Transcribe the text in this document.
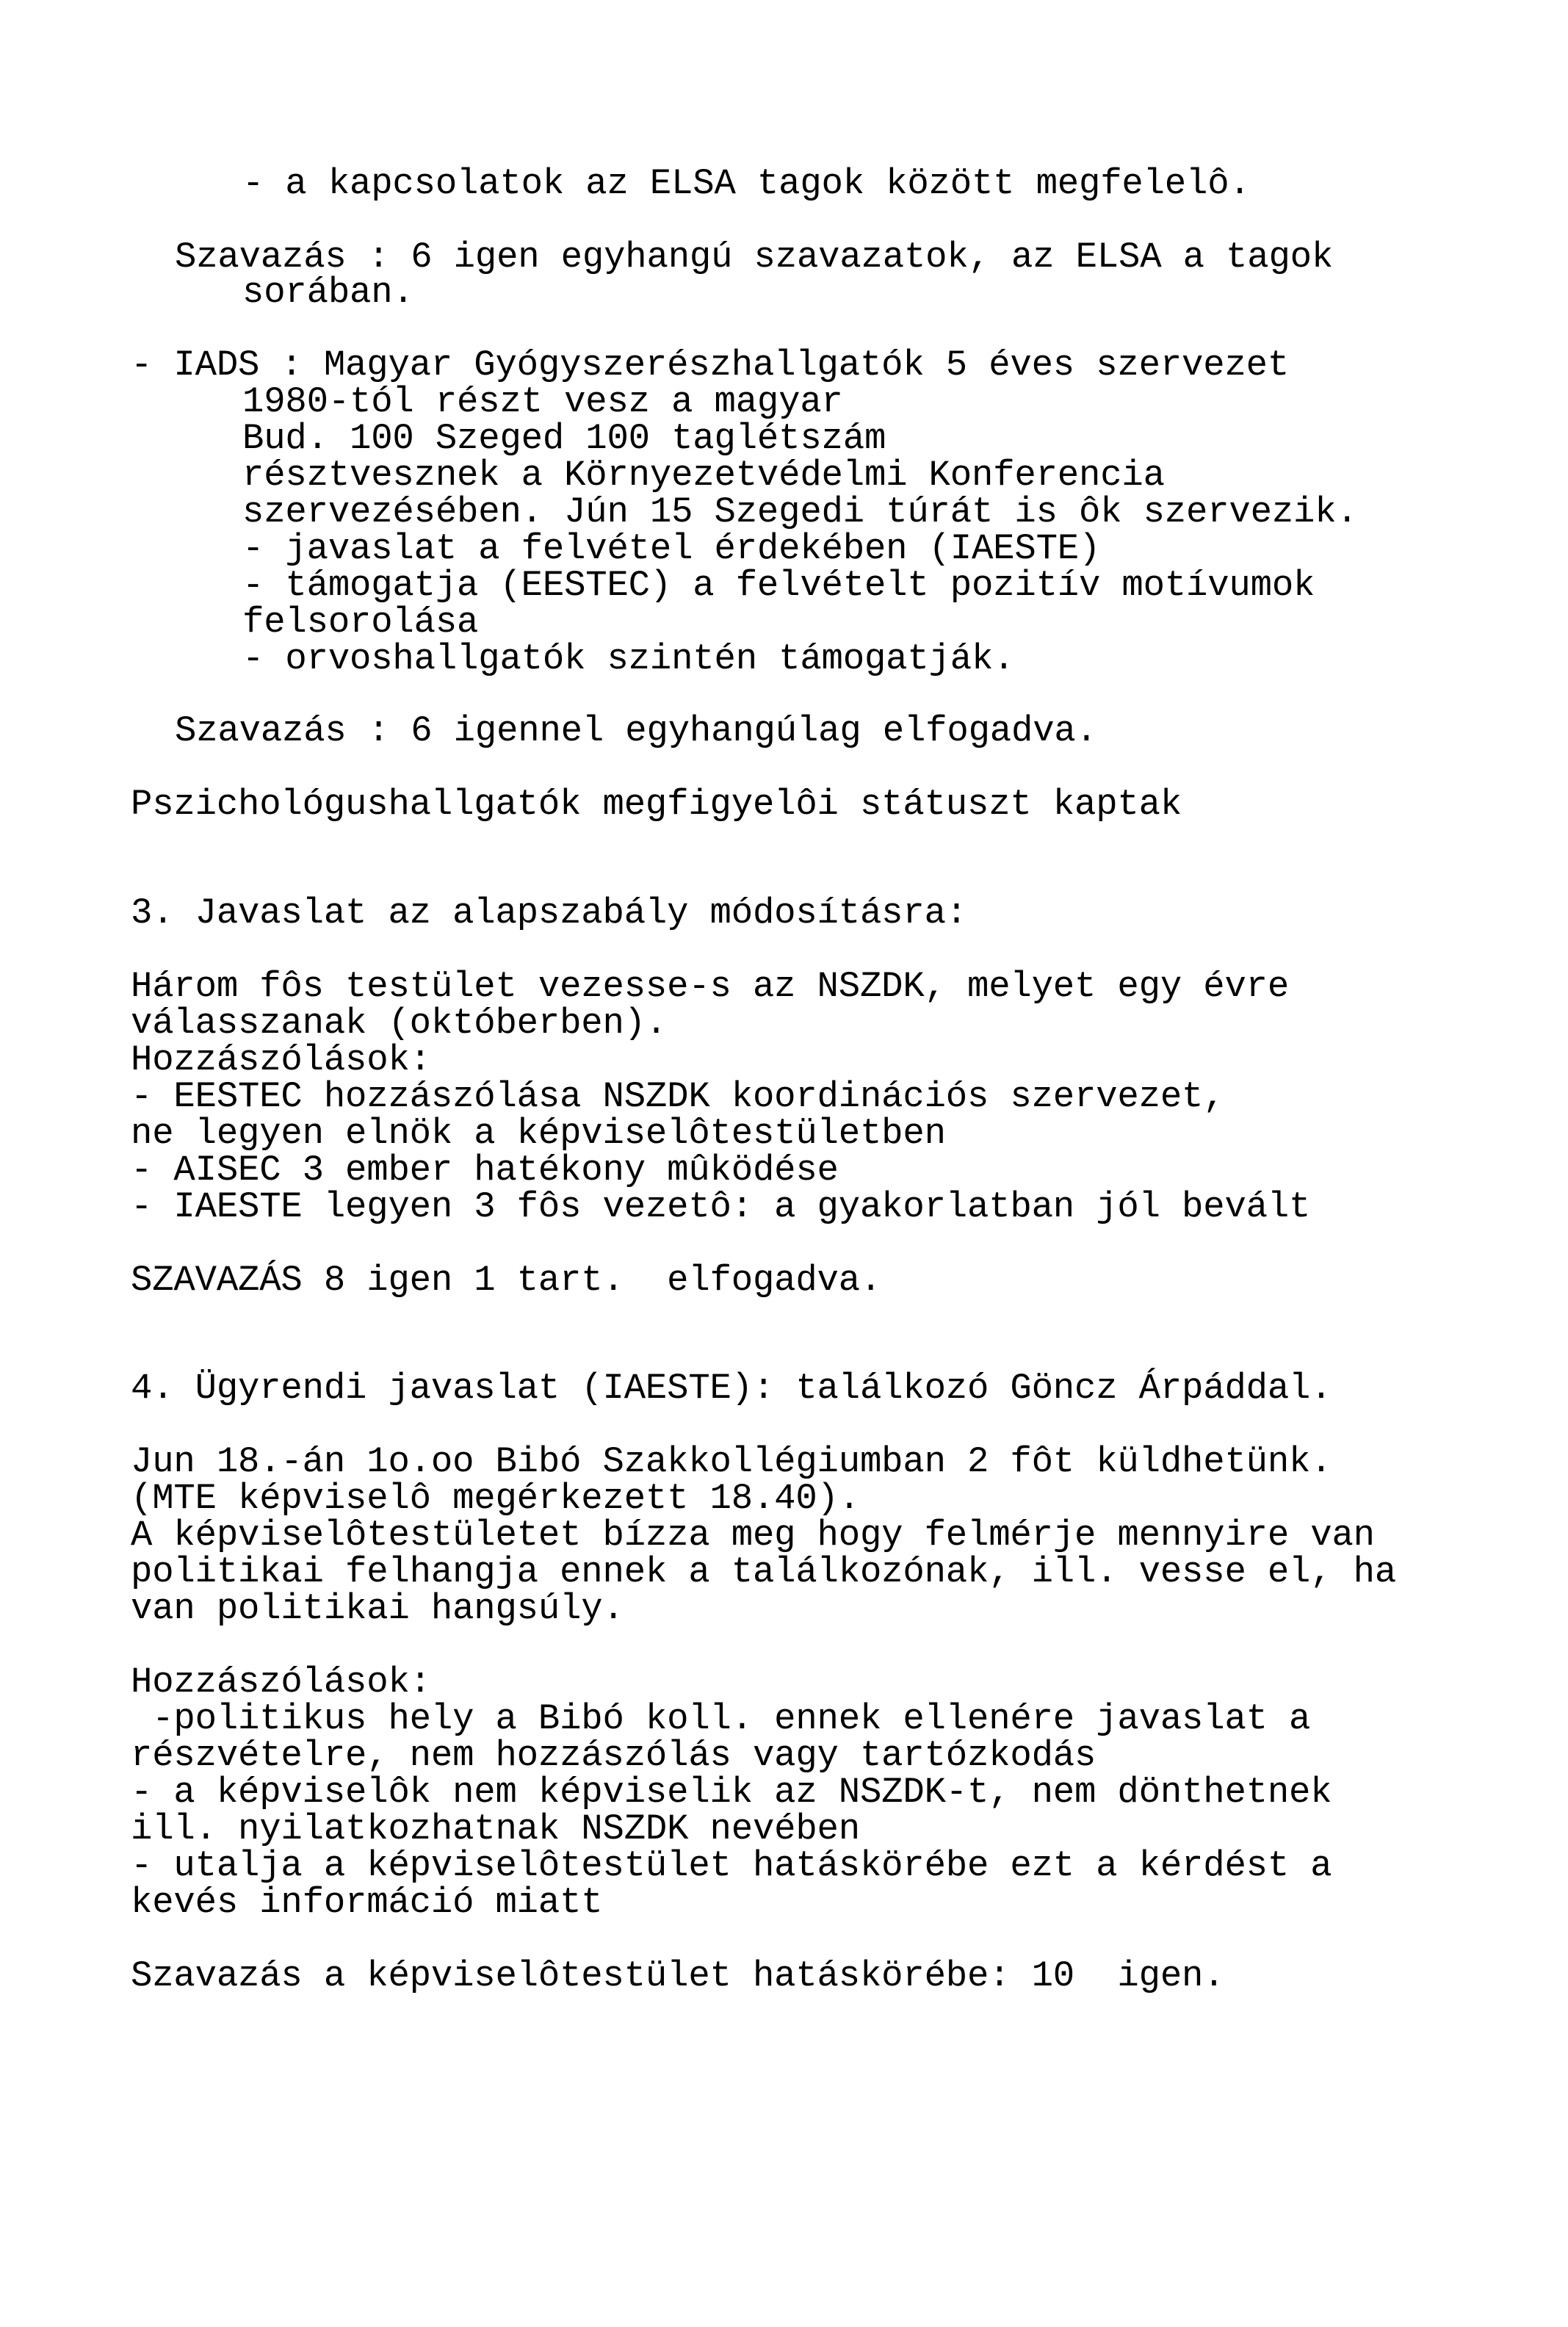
- a kapcsolatok az ELSA tagok között megfelelô.

Szavazás : 6 igen egyhangú szavazatok, az ELSA a tagok

sorában.

- IADS : Magyar Gyógyszerészhallgatók 5 éves szervezet

1980-tól részt vesz a magyar

Bud. 100 Szeged 100 taglétszám

résztvesznek a Környezetvédelmi Konferencia

szervezésében. Jún 15 Szegedi túrát is ôk szervezik.

- javaslat a felvétel érdekében (IAESTE)

- támogatja (EESTEC) a felvételt pozitív motívumok

felsorolása

- orvoshallgatók szintén támogatják.

Szavazás : 6 igennel egyhangúlag elfogadva.

Pszichológushallgatók megfigyelôi státuszt kaptak

3. Javaslat az alapszabály módosításra:

Három fôs testület vezesse-s az NSZDK, melyet egy évre

válasszanak (októberben).

Hozzászólások:

- EESTEC hozzászólása NSZDK koordinációs szervezet,

ne legyen elnök a képviselôtestületben

- AISEC 3 ember hatékony mûködése

- IAESTE legyen 3 fôs vezetô: a gyakorlatban jól bevált

SZAVAZÁS 8 igen 1 tart.  elfogadva.

4. Ügyrendi javaslat (IAESTE): találkozó Göncz Árpáddal.

Jun 18.-án 1o.oo Bibó Szakkollégiumban 2 fôt küldhetünk.

(MTE képviselô megérkezett 18.40).

A képviselôtestületet bízza meg hogy felmérje mennyire van

politikai felhangja ennek a találkozónak, ill. vesse el, ha

van politikai hangsúly.

Hozzászólások:

-politikus hely a Bibó koll. ennek ellenére javaslat a

részvételre, nem hozzászólás vagy tartózkodás

- a képviselôk nem képviselik az NSZDK-t, nem dönthetnek

ill. nyilatkozhatnak NSZDK nevében

- utalja a képviselôtestület hatáskörébe ezt a kérdést a

kevés információ miatt

Szavazás a képviselôtestület hatáskörébe: 10  igen.
